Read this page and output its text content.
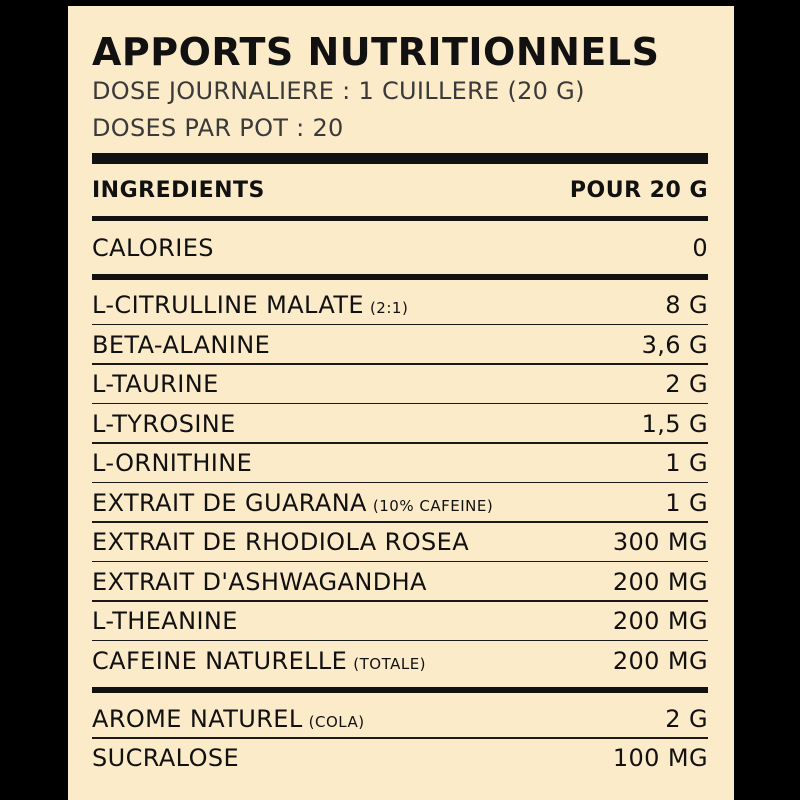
APPORTS NUTRITIONNELS
DOSE JOURNALIERE : 1 CUILLERE (20 G)
DOSES PAR POT : 20
INGREDIENTS	POUR 20 G
CALORIES	0
L-CITRULLINE MALATE (2:1)	8 G
BETA-ALANINE	3,6 G
L-TAURINE	2 G
L-TYROSINE	1,5 G
L-ORNITHINE	1 G
EXTRAIT DE GUARANA (10% CAFEINE)	1 G
EXTRAIT DE RHODIOLA ROSEA	300 MG
EXTRAIT D'ASHWAGANDHA	200 MG
L-THEANINE	200 MG
CAFEINE NATURELLE (TOTALE)	200 MG
AROME NATUREL (COLA)	2 G
SUCRALOSE	100 MG
